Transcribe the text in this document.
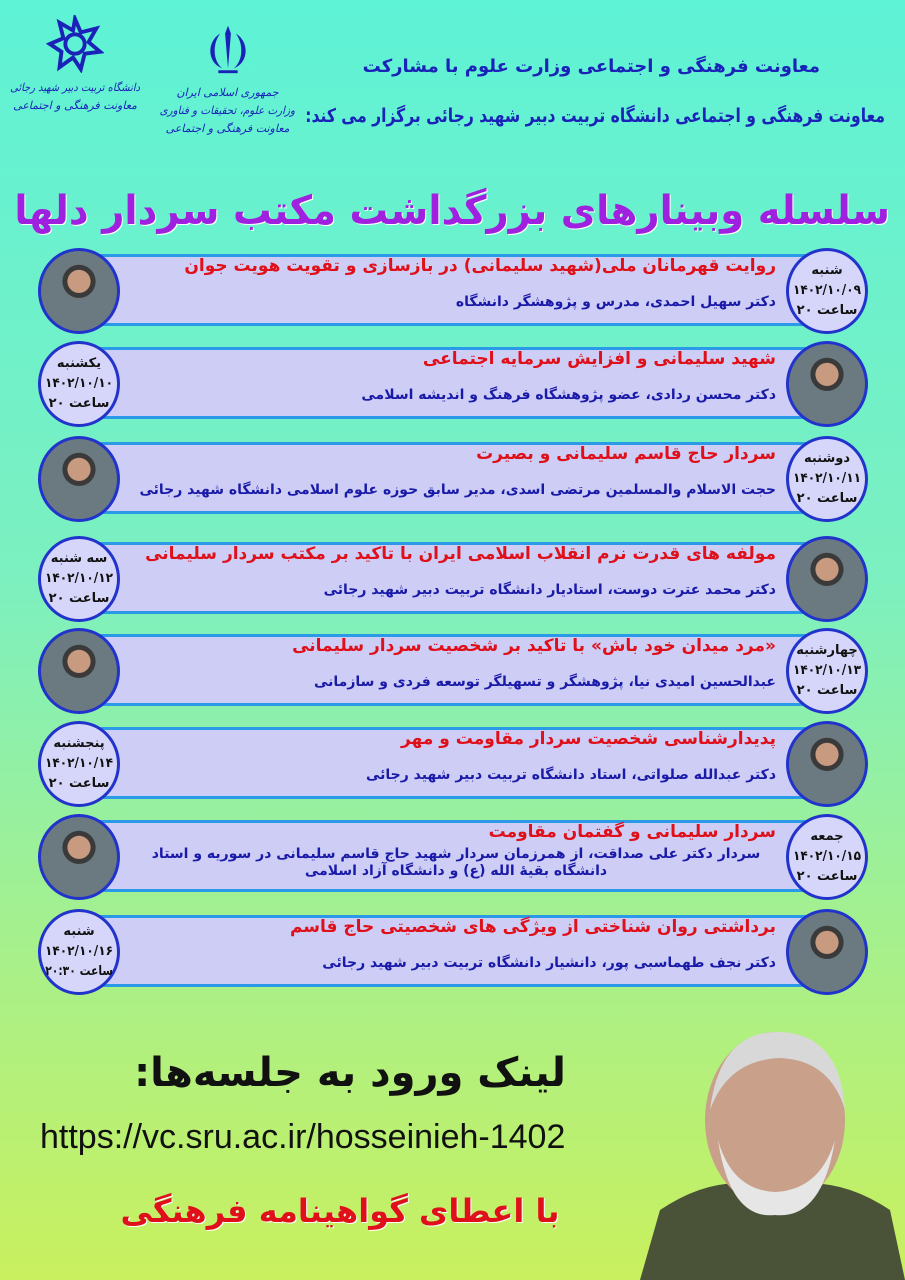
دانشگاه تربیت دبیر شهید رجائی
معاونت فرهنگی و اجتماعی
جمهوری اسلامی ایران
وزارت علوم، تحقیقات و فناوری
معاونت فرهنگی و اجتماعی
معاونت فرهنگی و اجتماعی وزارت علوم با مشارکت
معاونت فرهنگی و اجتماعی دانشگاه تربیت دبیر شهید رجائی برگزار می کند:
سلسله وبینارهای بزرگداشت مکتب سردار دلها
شنبه
۱۴۰۲/۱۰/۰۹
ساعت ۲۰
روایت قهرمانان ملی(شهید سلیمانی) در بازسازی و تقویت هویت جوان
دکتر سهیل احمدی، مدرس و پژوهشگر دانشگاه
یکشنبه
۱۴۰۲/۱۰/۱۰
ساعت ۲۰
شهید سلیمانی و افزایش سرمایه اجتماعی
دکتر محسن ردادی، عضو پژوهشگاه فرهنگ و اندیشه اسلامی
دوشنبه
۱۴۰۲/۱۰/۱۱
ساعت ۲۰
سردار حاج قاسم سلیمانی و بصیرت
حجت الاسلام والمسلمین مرتضی اسدی، مدیر سابق حوزه علوم اسلامی دانشگاه شهید رجائی
سه شنبه
۱۴۰۲/۱۰/۱۲
ساعت ۲۰
مولفه های قدرت نرم انقلاب اسلامی ایران با تاکید بر مکتب سردار سلیمانی
دکتر محمد عترت دوست، استادیار دانشگاه تربیت دبیر شهید رجائی
چهارشنبه
۱۴۰۲/۱۰/۱۳
ساعت ۲۰
«مرد میدان خود باش» با تاکید بر شخصیت سردار سلیمانی
عبدالحسین امیدی نیا، پژوهشگر و تسهیلگر توسعه فردی و سازمانی
پنجشنبه
۱۴۰۲/۱۰/۱۴
ساعت ۲۰
پدیدارشناسی شخصیت سردار مقاومت و مهر
دکتر عبدالله صلواتی، استاد دانشگاه تربیت دبیر شهید رجائی
جمعه
۱۴۰۲/۱۰/۱۵
ساعت ۲۰
سردار سلیمانی و گفتمان مقاومت
سردار دکتر علی صداقت، از همرزمان سردار شهید حاج قاسم سلیمانی در سوریه و استاد دانشگاه بقیۀ الله (ع) و دانشگاه آزاد اسلامی
شنبه
۱۴۰۲/۱۰/۱۶
ساعت ۲۰:۳۰
برداشتی روان شناختی از ویژگی های شخصیتی حاج قاسم
دکتر نجف طهماسبی پور، دانشیار دانشگاه تربیت دبیر شهید رجائی
لینک ورود به جلسه‌ها:
https://vc.sru.ac.ir/hosseinieh-1402
با اعطای گواهینامه فرهنگی
